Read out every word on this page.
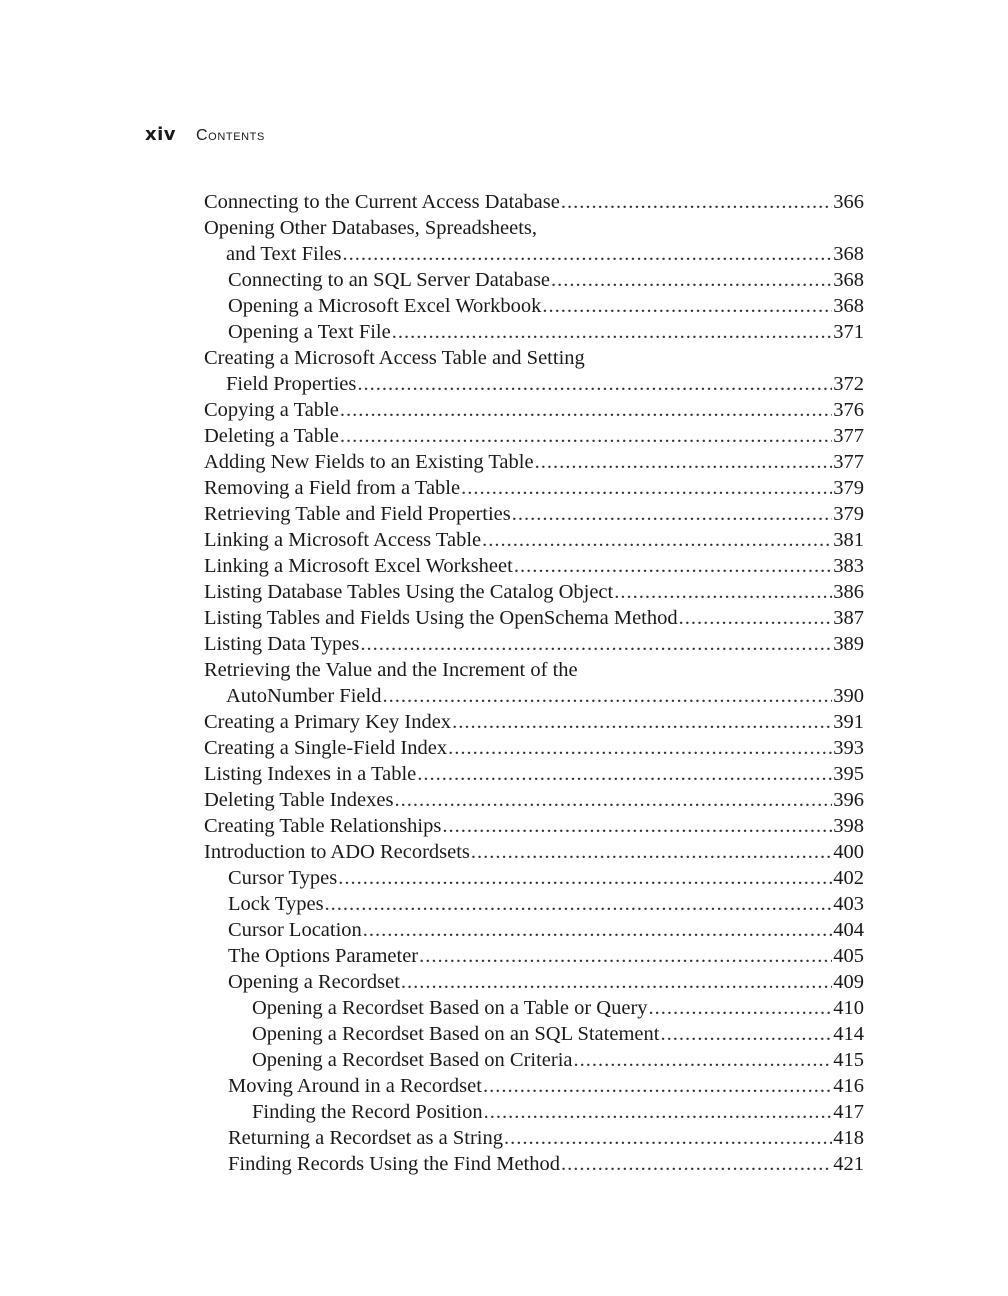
xiv Contents
Connecting to the Current Access Database .....	366
Opening Other Databases, Spreadsheets,
and Text Files .....	368
Connecting to an SQL Server Database .....	368
Opening a Microsoft Excel Workbook .....	368
Opening a Text File .....	371
Creating a Microsoft Access Table and Setting
Field Properties .....	372
Copying a Table .....	376
Deleting a Table .....	377
Adding New Fields to an Existing Table .....	377
Removing a Field from a Table .....	379
Retrieving Table and Field Properties .....	379
Linking a Microsoft Access Table .....	381
Linking a Microsoft Excel Worksheet .....	383
Listing Database Tables Using the Catalog Object .....	386
Listing Tables and Fields Using the OpenSchema Method .....	387
Listing Data Types .....	389
Retrieving the Value and the Increment of the
AutoNumber Field .....	390
Creating a Primary Key Index .....	391
Creating a Single-Field Index .....	393
Listing Indexes in a Table .....	395
Deleting Table Indexes .....	396
Creating Table Relationships .....	398
Introduction to ADO Recordsets .....	400
Cursor Types .....	402
Lock Types .....	403
Cursor Location .....	404
The Options Parameter .....	405
Opening a Recordset .....	409
Opening a Recordset Based on a Table or Query .....	410
Opening a Recordset Based on an SQL Statement .....	414
Opening a Recordset Based on Criteria .....	415
Moving Around in a Recordset .....	416
Finding the Record Position .....	417
Returning a Recordset as a String .....	418
Finding Records Using the Find Method .....	421
